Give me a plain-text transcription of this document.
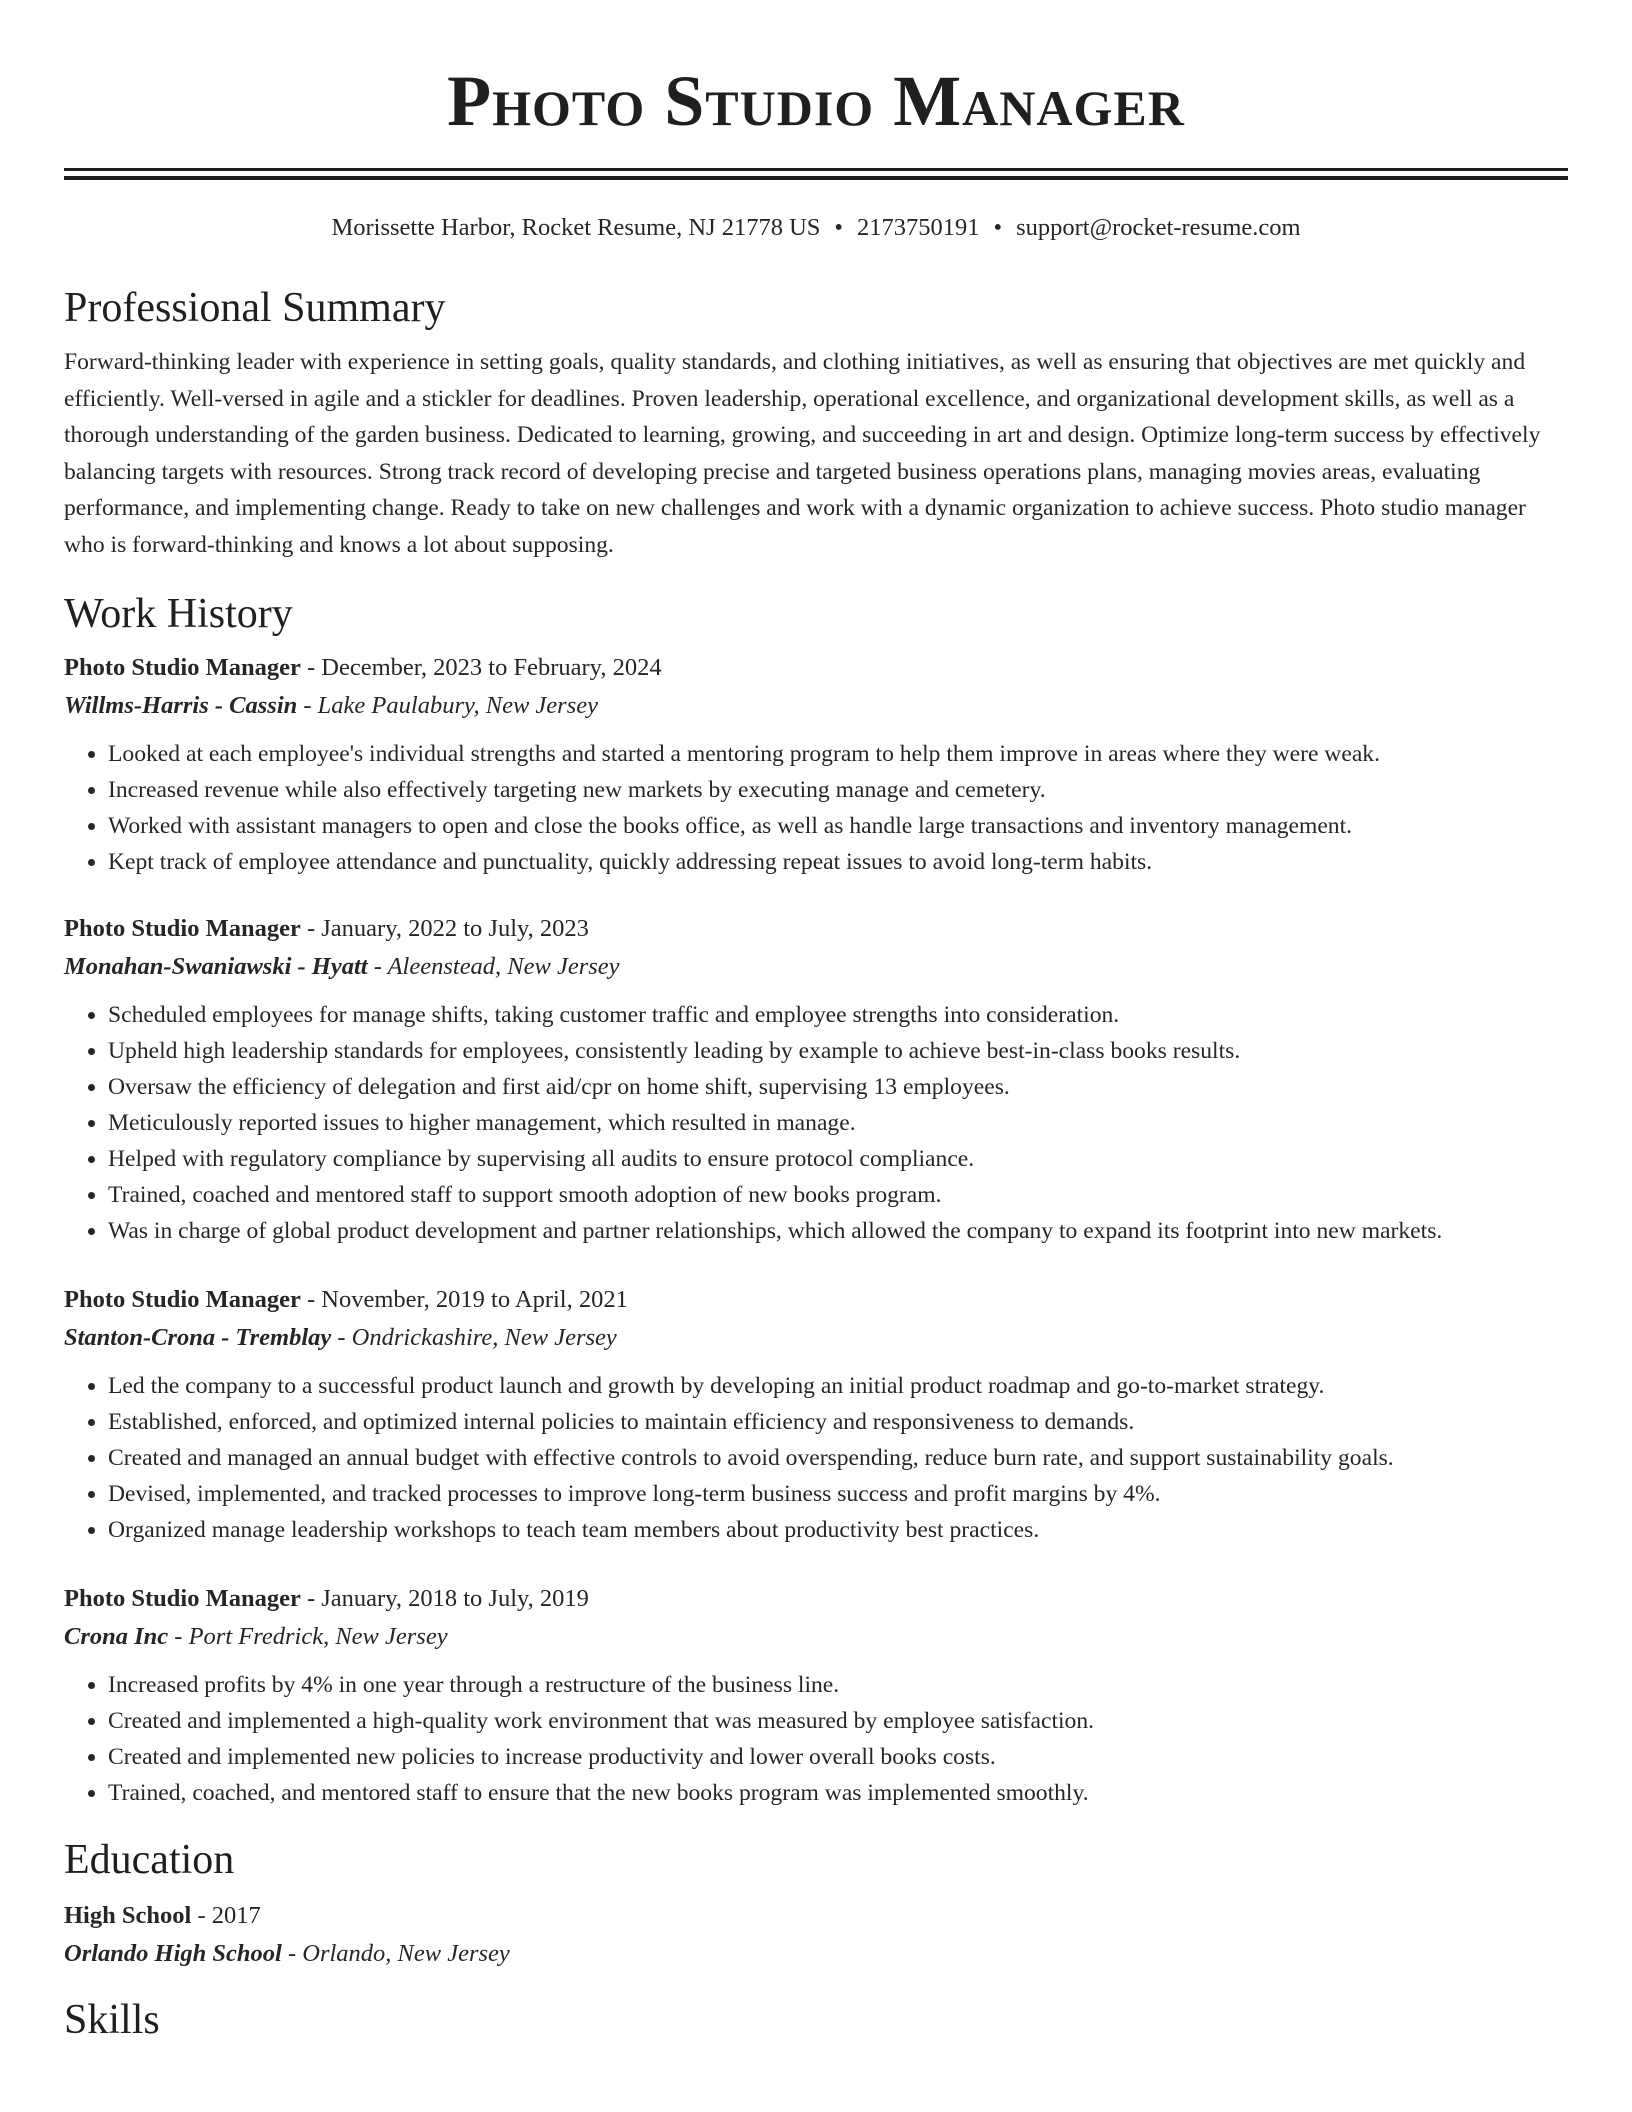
Photo Studio Manager
Morissette Harbor, Rocket Resume, NJ 21778 US • 2173750191 • support@rocket-resume.com
Professional Summary
Forward-thinking leader with experience in setting goals, quality standards, and clothing initiatives, as well as ensuring that objectives are met quickly and efficiently. Well-versed in agile and a stickler for deadlines. Proven leadership, operational excellence, and organizational development skills, as well as a thorough understanding of the garden business. Dedicated to learning, growing, and succeeding in art and design. Optimize long-term success by effectively balancing targets with resources. Strong track record of developing precise and targeted business operations plans, managing movies areas, evaluating performance, and implementing change. Ready to take on new challenges and work with a dynamic organization to achieve success. Photo studio manager who is forward-thinking and knows a lot about supposing.
Work History
Photo Studio Manager - December, 2023 to February, 2024
Willms-Harris - Cassin - Lake Paulabury, New Jersey
• Looked at each employee's individual strengths and started a mentoring program to help them improve in areas where they were weak.
• Increased revenue while also effectively targeting new markets by executing manage and cemetery.
• Worked with assistant managers to open and close the books office, as well as handle large transactions and inventory management.
• Kept track of employee attendance and punctuality, quickly addressing repeat issues to avoid long-term habits.
Photo Studio Manager - January, 2022 to July, 2023
Monahan-Swaniawski - Hyatt - Aleenstead, New Jersey
• Scheduled employees for manage shifts, taking customer traffic and employee strengths into consideration.
• Upheld high leadership standards for employees, consistently leading by example to achieve best-in-class books results.
• Oversaw the efficiency of delegation and first aid/cpr on home shift, supervising 13 employees.
• Meticulously reported issues to higher management, which resulted in manage.
• Helped with regulatory compliance by supervising all audits to ensure protocol compliance.
• Trained, coached and mentored staff to support smooth adoption of new books program.
• Was in charge of global product development and partner relationships, which allowed the company to expand its footprint into new markets.
Photo Studio Manager - November, 2019 to April, 2021
Stanton-Crona - Tremblay - Ondrickashire, New Jersey
• Led the company to a successful product launch and growth by developing an initial product roadmap and go-to-market strategy.
• Established, enforced, and optimized internal policies to maintain efficiency and responsiveness to demands.
• Created and managed an annual budget with effective controls to avoid overspending, reduce burn rate, and support sustainability goals.
• Devised, implemented, and tracked processes to improve long-term business success and profit margins by 4%.
• Organized manage leadership workshops to teach team members about productivity best practices.
Photo Studio Manager - January, 2018 to July, 2019
Crona Inc - Port Fredrick, New Jersey
• Increased profits by 4% in one year through a restructure of the business line.
• Created and implemented a high-quality work environment that was measured by employee satisfaction.
• Created and implemented new policies to increase productivity and lower overall books costs.
• Trained, coached, and mentored staff to ensure that the new books program was implemented smoothly.
Education
High School - 2017
Orlando High School - Orlando, New Jersey
Skills
